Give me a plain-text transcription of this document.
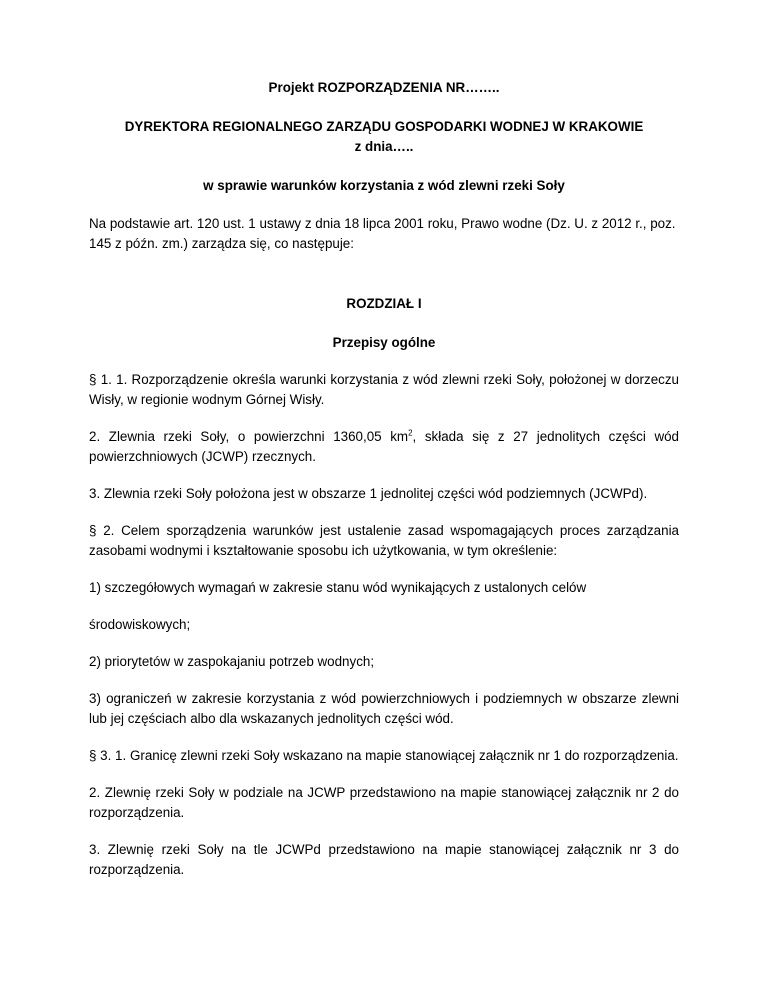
Projekt ROZPORZĄDZENIA NR……..

DYREKTORA REGIONALNEGO ZARZĄDU GOSPODARKI WODNEJ W KRAKOWIE

z dnia…..

w sprawie warunków korzystania z wód zlewni rzeki Soły

Na podstawie art. 120 ust. 1 ustawy z dnia 18 lipca 2001 roku, Prawo wodne (Dz. U. z 2012 r., poz. 145 z późn. zm.) zarządza się, co następuje:

ROZDZIAŁ I

Przepisy ogólne

§ 1. 1. Rozporządzenie określa warunki korzystania z wód zlewni rzeki Soły, położonej w dorzeczu Wisły, w regionie wodnym Górnej Wisły.

2. Zlewnia rzeki Soły, o powierzchni 1360,05 $km^2$, składa się z 27 jednolitych części wód powierzchniowych (JCWP) rzecznych.

3. Zlewnia rzeki Soły położona jest w obszarze 1 jednolitej części wód podziemnych (JCWPd).

§ 2. Celem sporządzenia warunków jest ustalenie zasad wspomagających proces zarządzania zasobami wodnymi i kształtowanie sposobu ich użytkowania, w tym określenie:

1) szczegółowych wymagań w zakresie stanu wód wynikających z ustalonych celów

środowiskowych;

2) priorytetów w zaspokajaniu potrzeb wodnych;

3) ograniczeń w zakresie korzystania z wód powierzchniowych i podziemnych w obszarze zlewni lub jej częściach albo dla wskazanych jednolitych części wód.

§ 3. 1. Granicę zlewni rzeki Soły wskazano na mapie stanowiącej załącznik nr 1 do rozporządzenia.

2. Zlewnię rzeki Soły w podziale na JCWP przedstawiono na mapie stanowiącej załącznik nr 2 do rozporządzenia.

3. Zlewnię rzeki Soły na tle JCWPd przedstawiono na mapie stanowiącej załącznik nr 3 do rozporządzenia.
